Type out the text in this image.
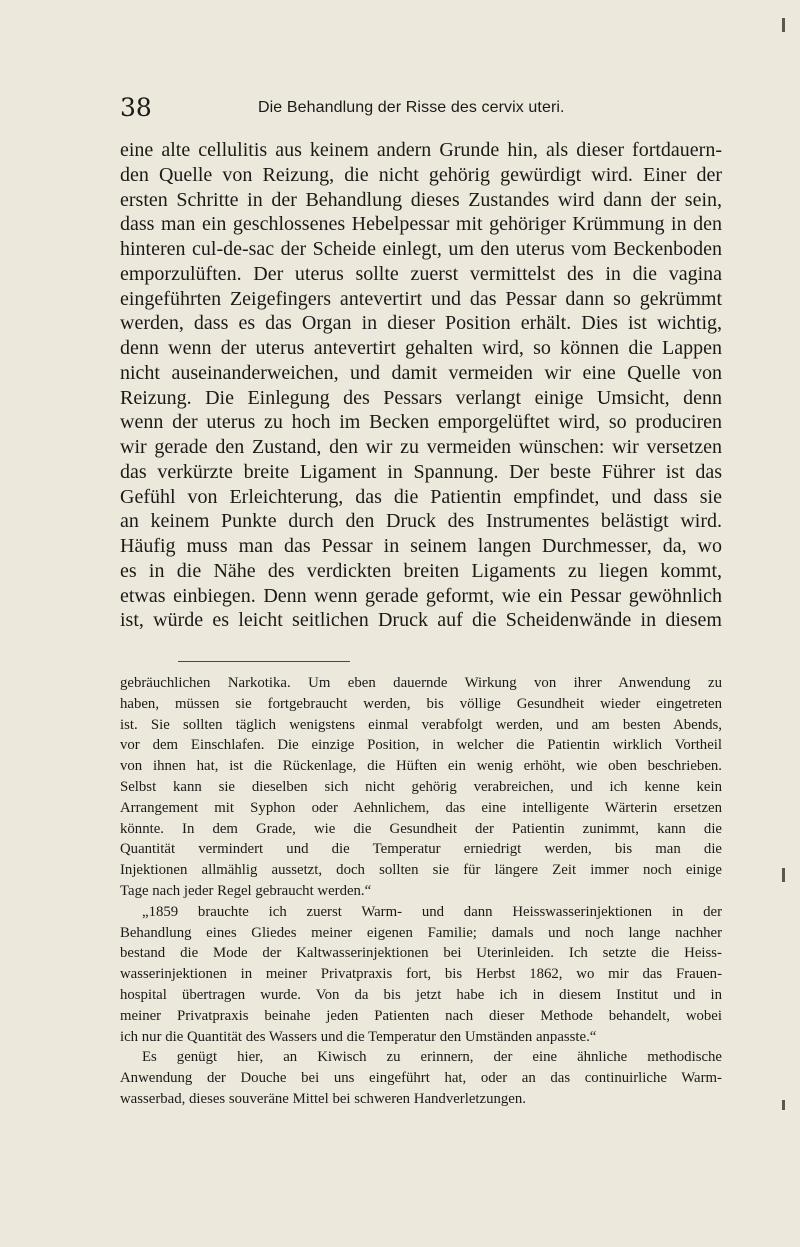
38	Die Behandlung der Risse des cervix uteri.
eine alte cellulitis aus keinem andern Grunde hin, als dieser fortdauern-
den Quelle von Reizung, die nicht gehörig gewürdigt wird. Einer der
ersten Schritte in der Behandlung dieses Zustandes wird dann der sein,
dass man ein geschlossenes Hebelpessar mit gehöriger Krümmung in den
hinteren cul-de-sac der Scheide einlegt, um den uterus vom Beckenboden
emporzulüften. Der uterus sollte zuerst vermittelst des in die vagina
eingeführten Zeigefingers antevertirt und das Pessar dann so gekrümmt
werden, dass es das Organ in dieser Position erhält. Dies ist wichtig,
denn wenn der uterus antevertirt gehalten wird, so können die Lappen
nicht auseinanderweichen, und damit vermeiden wir eine Quelle von
Reizung. Die Einlegung des Pessars verlangt einige Umsicht, denn
wenn der uterus zu hoch im Becken emporgelüftet wird, so produciren
wir gerade den Zustand, den wir zu vermeiden wünschen: wir versetzen
das verkürzte breite Ligament in Spannung. Der beste Führer ist das
Gefühl von Erleichterung, das die Patientin empfindet, und dass sie
an keinem Punkte durch den Druck des Instrumentes belästigt wird.
Häufig muss man das Pessar in seinem langen Durchmesser, da, wo
es in die Nähe des verdickten breiten Ligaments zu liegen kommt,
etwas einbiegen. Denn wenn gerade geformt, wie ein Pessar gewöhnlich
ist, würde es leicht seitlichen Druck auf die Scheidenwände in diesem
gebräuchlichen Narkotika. Um eben dauernde Wirkung von ihrer Anwendung zu
haben, müssen sie fortgebraucht werden, bis völlige Gesundheit wieder eingetreten
ist. Sie sollten täglich wenigstens einmal verabfolgt werden, und am besten Abends,
vor dem Einschlafen. Die einzige Position, in welcher die Patientin wirklich Vortheil
von ihnen hat, ist die Rückenlage, die Hüften ein wenig erhöht, wie oben beschrieben.
Selbst kann sie dieselben sich nicht gehörig verabreichen, und ich kenne kein
Arrangement mit Syphon oder Aehnlichem, das eine intelligente Wärterin ersetzen
könnte. In dem Grade, wie die Gesundheit der Patientin zunimmt, kann die
Quantität vermindert und die Temperatur erniedrigt werden, bis man die
Injektionen allmählig aussetzt, doch sollten sie für längere Zeit immer noch einige
Tage nach jeder Regel gebraucht werden.“
„1859 brauchte ich zuerst Warm- und dann Heisswasserinjektionen in der
Behandlung eines Gliedes meiner eigenen Familie; damals und noch lange nachher
bestand die Mode der Kaltwasserinjektionen bei Uterinleiden. Ich setzte die Heiss-
wasserinjektionen in meiner Privatpraxis fort, bis Herbst 1862, wo mir das Frauen-
hospital übertragen wurde. Von da bis jetzt habe ich in diesem Institut und in
meiner Privatpraxis beinahe jeden Patienten nach dieser Methode behandelt, wobei
ich nur die Quantität des Wassers und die Temperatur den Umständen anpasste.“
Es genügt hier, an Kiwisch zu erinnern, der eine ähnliche methodische
Anwendung der Douche bei uns eingeführt hat, oder an das continuirliche Warm-
wasserbad, dieses souveräne Mittel bei schweren Handverletzungen.
